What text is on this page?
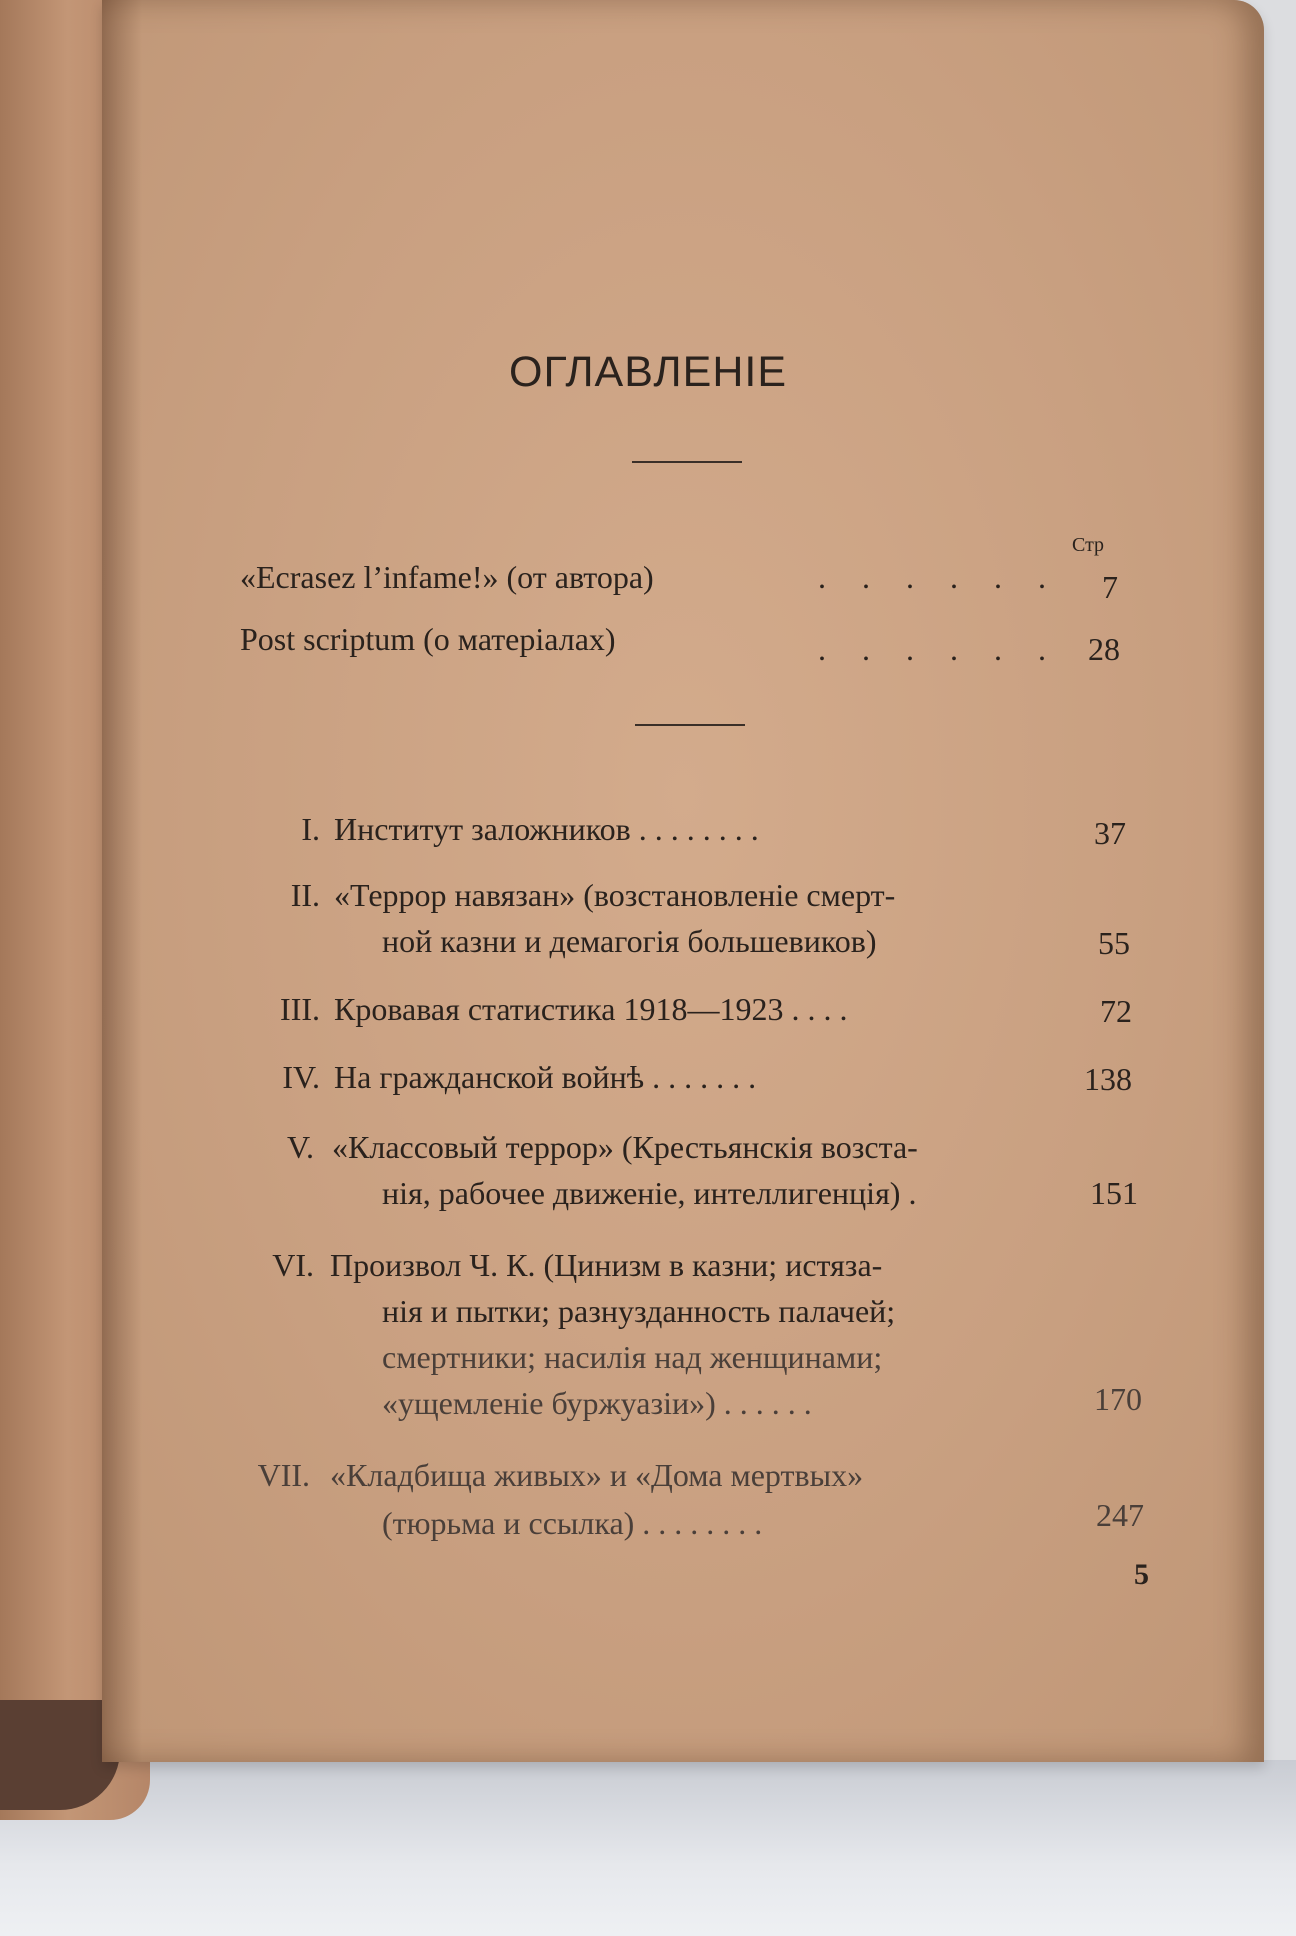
ОГЛАВЛЕНІЕ
Стр
«Ecrasez l’infame!» (от автора)	. . . . . . 7
Post scriptum (о матеріалах)	. . . . . . 28
I. Институт заложников . . . . . . . .	37
II. «Террор навязан» (возстановленіе смерт-
ной казни и демагогія большевиков)	55
III. Кровавая статистика 1918—1923 . . . .	72
IV. На гражданской войнѣ . . . . . . .	138
V. «Классовый террор» (Крестьянскія возста-
нія, рабочее движеніе, интеллигенція) .	151
VI. Произвол Ч. К. (Цинизм в казни; истяза-
нія и пытки; разнузданность палачей;
смертники; насилія над женщинами;
«ущемленіе буржуазіи») . . . . . .	170
VII. «Кладбища живых» и «Дома мертвых»
(тюрьма и ссылка) . . . . . . . .	247
5
